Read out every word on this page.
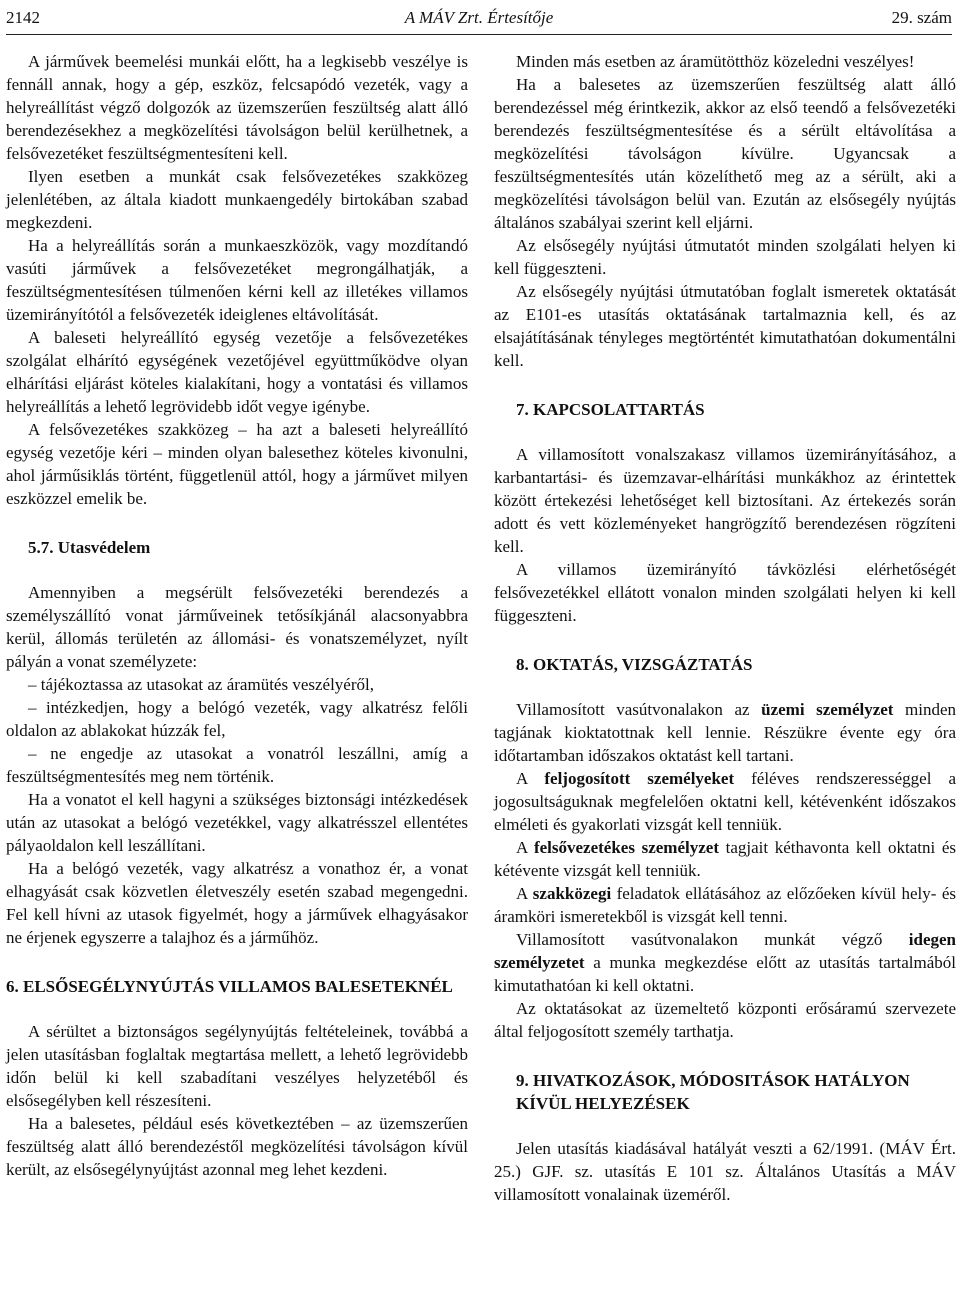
A MÁV Zrt. Értesítője
2142	29. szám

A járművek beemelési munkái előtt, ha a legkisebb veszélye is fennáll annak, hogy a gép, eszköz, felcsapódó vezeték, vagy a helyreállítást végző dolgozók az üzemszerűen feszültség alatt álló berendezésekhez a megközelítési távolságon belül kerülhetnek, a felsővezetéket feszültségmentesíteni kell.

Ilyen esetben a munkát csak felsővezetékes szakközeg jelenlétében, az általa kiadott munkaengedély birtokában szabad megkezdeni.

Ha a helyreállítás során a munkaeszközök, vagy mozdítandó vasúti járművek a felsővezetéket megrongálhatják, a feszültségmentesítésen túlmenően kérni kell az illetékes villamos üzemirányítótól a felsővezeték ideiglenes eltávolítását.

A baleseti helyreállító egység vezetője a felsővezetékes szolgálat elhárító egységének vezetőjével együttműködve olyan elhárítási eljárást köteles kialakítani, hogy a vontatási és villamos helyreállítás a lehető legrövidebb időt vegye igénybe.

A felsővezetékes szakközeg – ha azt a baleseti helyreállító egység vezetője kéri – minden olyan balesethez köteles kivonulni, ahol járműsiklás történt, függetlenül attól, hogy a járművet milyen eszközzel emelik be.

5.7. Utasvédelem

Amennyiben a megsérült felsővezetéki berendezés a személyszállító vonat járműveinek tetősíkjánál alacsonyabbra kerül, állomás területén az állomási- és vonatszemélyzet, nyílt pályán a vonat személyzete:

– tájékoztassa az utasokat az áramütés veszélyéről,

– intézkedjen, hogy a belógó vezeték, vagy alkatrész felőli oldalon az ablakokat húzzák fel,

– ne engedje az utasokat a vonatról leszállni, amíg a feszültségmentesítés meg nem történik.

Ha a vonatot el kell hagyni a szükséges biztonsági intézkedések után az utasokat a belógó vezetékkel, vagy alkatrésszel ellentétes pályaoldalon kell leszállítani.

Ha a belógó vezeték, vagy alkatrész a vonathoz ér, a vonat elhagyását csak közvetlen életveszély esetén szabad megengedni. Fel kell hívni az utasok figyelmét, hogy a járművek elhagyásakor ne érjenek egyszerre a talajhoz és a járműhöz.

6. ELSŐSEGÉLYNYÚJTÁS VILLAMOS BALESETEKNÉL

A sérültet a biztonságos segélynyújtás feltételeinek, továbbá a jelen utasításban foglaltak megtartása mellett, a lehető legrövidebb időn belül ki kell szabadítani veszélyes helyzetéből és elsősegélyben kell részesíteni.

Ha a balesetes, például esés következtében – az üzemszerűen feszültség alatt álló berendezéstől megközelítési távolságon kívül került, az elsősegélynyújtást azonnal meg lehet kezdeni.

Minden más esetben az áramütötthöz közeledni veszélyes!

Ha a balesetes az üzemszerűen feszültség alatt álló berendezéssel még érintkezik, akkor az első teendő a felsővezetéki berendezés feszültségmentesítése és a sérült eltávolítása a megközelítési távolságon kívülre. Ugyancsak a feszültségmentesítés után közelíthető meg az a sérült, aki a megközelítési távolságon belül van. Ezután az elsősegély nyújtás általános szabályai szerint kell eljárni.

Az elsősegély nyújtási útmutatót minden szolgálati helyen ki kell függeszteni.

Az elsősegély nyújtási útmutatóban foglalt ismeretek oktatását az E101-es utasítás oktatásának tartalmaznia kell, és az elsajátításának tényleges megtörténtét kimutathatóan dokumentálni kell.

7. KAPCSOLATTARTÁS

A villamosított vonalszakasz villamos üzemirányításához, a karbantartási- és üzemzavar-elhárítási munkákhoz az érintettek között értekezési lehetőséget kell biztosítani. Az értekezés során adott és vett közleményeket hangrögzítő berendezésen rögzíteni kell.

A villamos üzemirányító távközlési elérhetőségét felsővezetékkel ellátott vonalon minden szolgálati helyen ki kell függeszteni.

8. OKTATÁS, VIZSGÁZTATÁS

Villamosított vasútvonalakon az üzemi személyzet minden tagjának kioktatottnak kell lennie. Részükre évente egy óra időtartamban időszakos oktatást kell tartani.

A feljogosított személyeket féléves rendszerességgel a jogosultságuknak megfelelően oktatni kell, kétévenként időszakos elméleti és gyakorlati vizsgát kell tenniük.

A felsővezetékes személyzet tagjait kéthavonta kell oktatni és kétévente vizsgát kell tenniük.

A szakközegi feladatok ellátásához az előzőeken kívül hely- és áramköri ismeretekből is vizsgát kell tenni.

Villamosított vasútvonalakon munkát végző idegen személyzetet a munka megkezdése előtt az utasítás tartalmából kimutathatóan ki kell oktatni.

Az oktatásokat az üzemeltető központi erősáramú szervezete által feljogosított személy tarthatja.

9. HIVATKOZÁSOK, MÓDOSITÁSOK HATÁLYON KÍVÜL HELYEZÉSEK

Jelen utasítás kiadásával hatályát veszti a 62/1991. (MÁV Ért. 25.) GJF. sz. utasítás E 101 sz. Általános Utasítás a MÁV villamosított vonalainak üzeméről.
